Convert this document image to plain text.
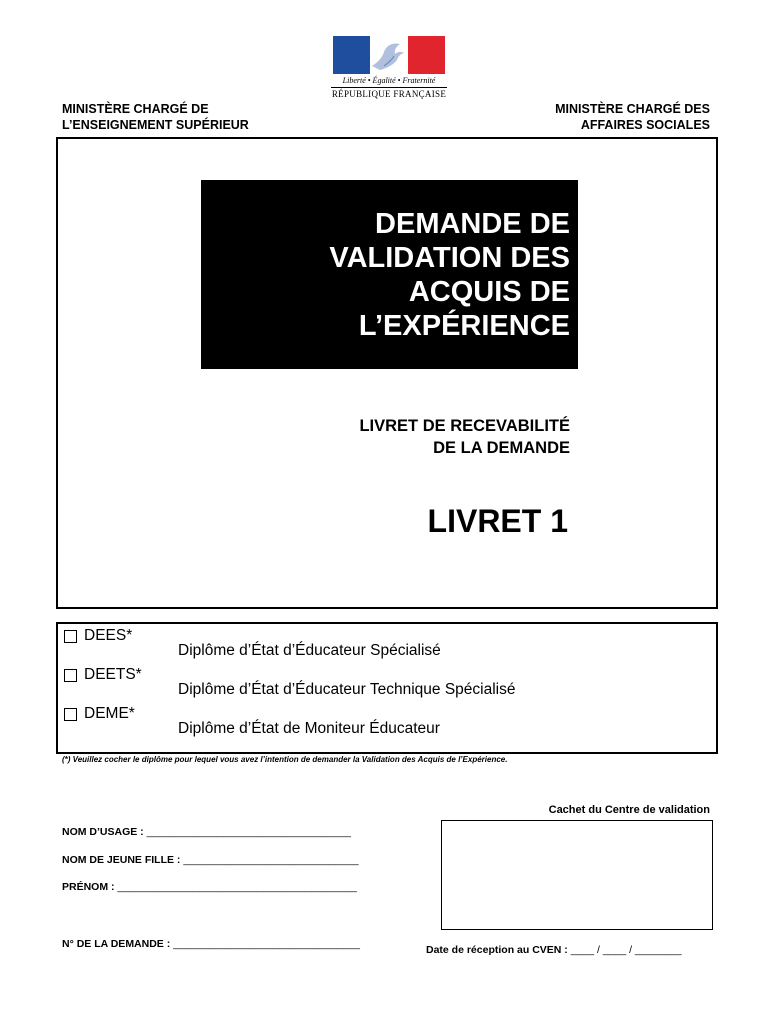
Liberté • Égalité • Fraternité
RÉPUBLIQUE FRANÇAISE
MINISTÈRE CHARGÉ DE
L’ENSEIGNEMENT SUPÉRIEUR
MINISTÈRE CHARGÉ DES
AFFAIRES SOCIALES
DEMANDE DE
VALIDATION DES
ACQUIS DE
L’EXPÉRIENCE
LIVRET DE RECEVABILITÉ
DE LA DEMANDE
LIVRET 1
DEES*
Diplôme d’État d’Éducateur Spécialisé
DEETS*
Diplôme d’État d’Éducateur Technique Spécialisé
DEME*
Diplôme d’État de Moniteur Éducateur
(*) Veuillez cocher le diplôme pour lequel vous avez l’intention de demander la Validation des Acquis de l’Expérience.
Cachet du Centre de validation
NOM D’USAGE : ___________________________________
NOM DE JEUNE FILLE : ______________________________
PRÉNOM : _________________________________________
N° DE LA DEMANDE : ________________________________	Date de réception au CVEN : ____ / ____ / ________
